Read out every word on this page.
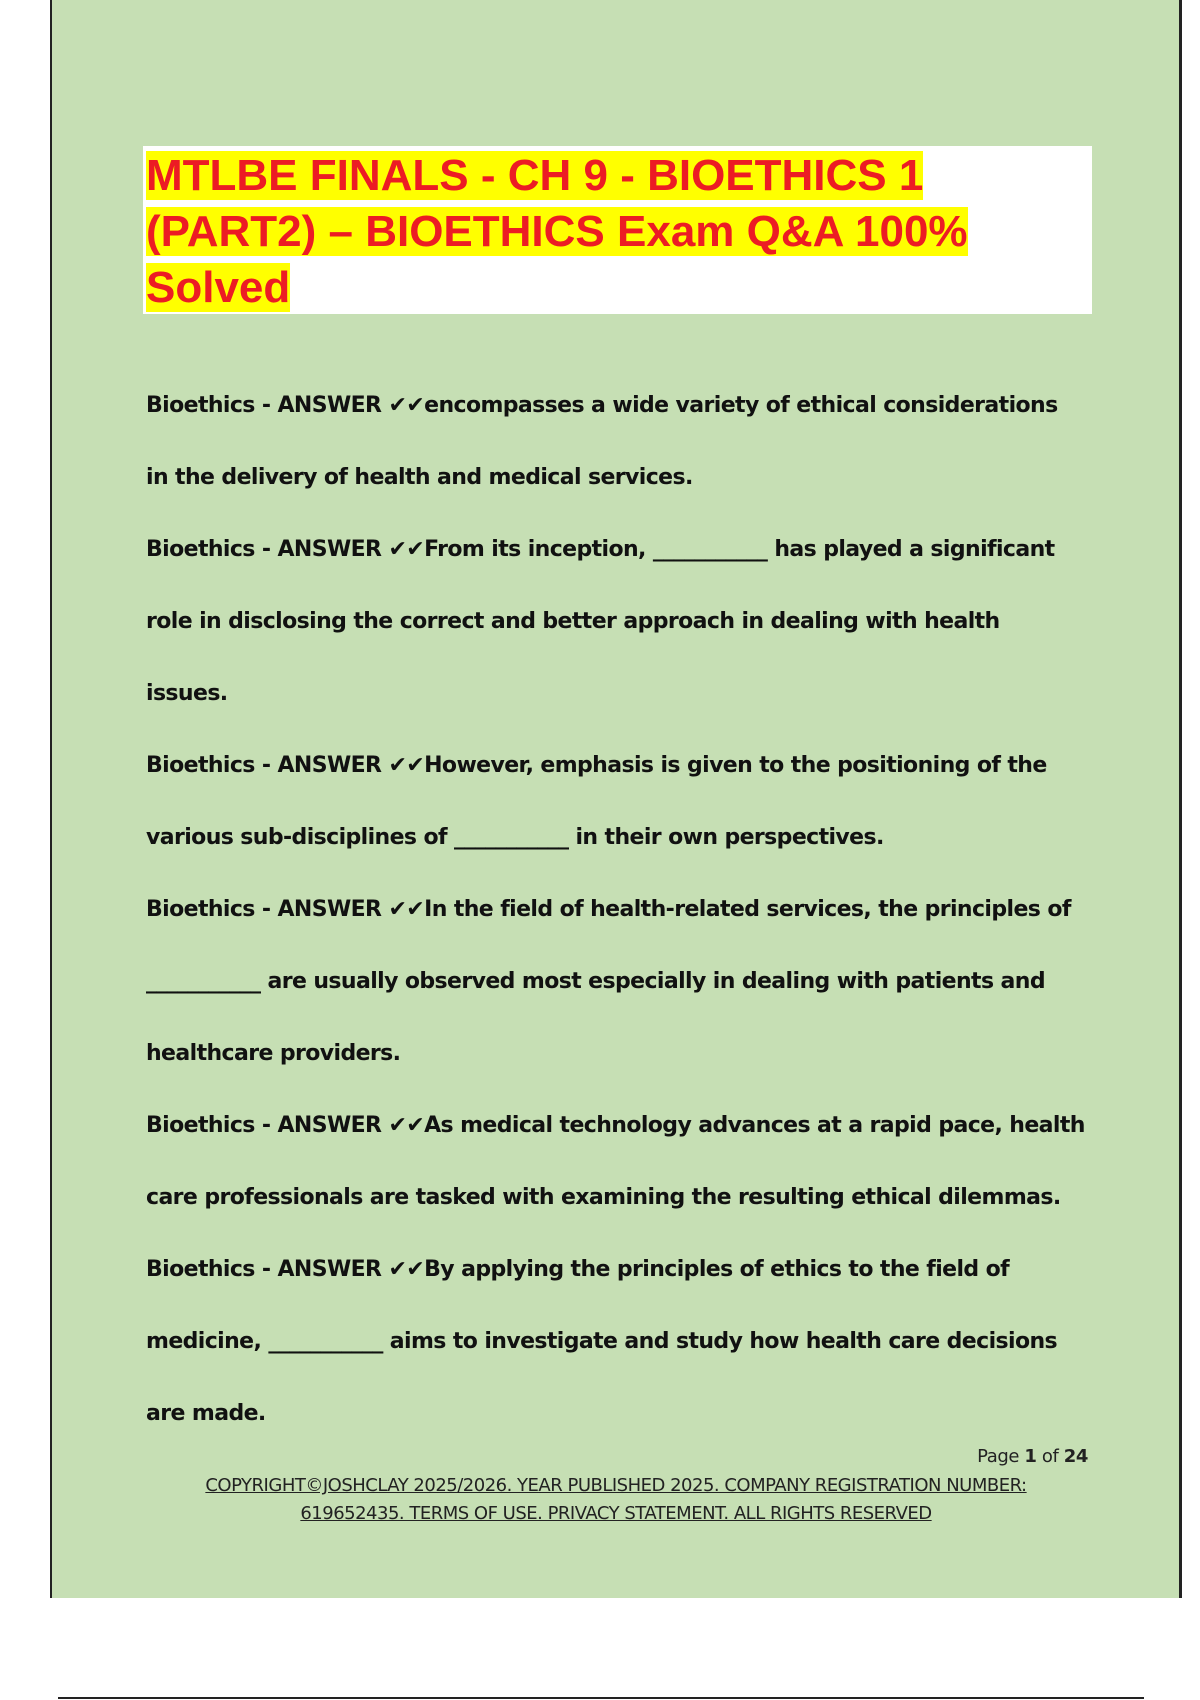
MTLBE FINALS - CH 9 - BIOETHICS 1
(PART2) – BIOETHICS Exam Q&A 100%
Solved

Bioethics - ANSWER ✔✔encompasses a wide variety of ethical considerations in the delivery of health and medical services.

Bioethics - ANSWER ✔✔From its inception, ___________ has played a significant role in disclosing the correct and better approach in dealing with health issues.

Bioethics - ANSWER ✔✔However, emphasis is given to the positioning of the various sub-disciplines of ___________ in their own perspectives.

Bioethics - ANSWER ✔✔In the field of health-related services, the principles of ___________ are usually observed most especially in dealing with patients and healthcare providers.

Bioethics - ANSWER ✔✔As medical technology advances at a rapid pace, health care professionals are tasked with examining the resulting ethical dilemmas.

Bioethics - ANSWER ✔✔By applying the principles of ethics to the field of medicine, ___________ aims to investigate and study how health care decisions are made.

Page 1 of 24
COPYRIGHT©JOSHCLAY 2025/2026. YEAR PUBLISHED 2025. COMPANY REGISTRATION NUMBER:
619652435. TERMS OF USE. PRIVACY STATEMENT. ALL RIGHTS RESERVED
